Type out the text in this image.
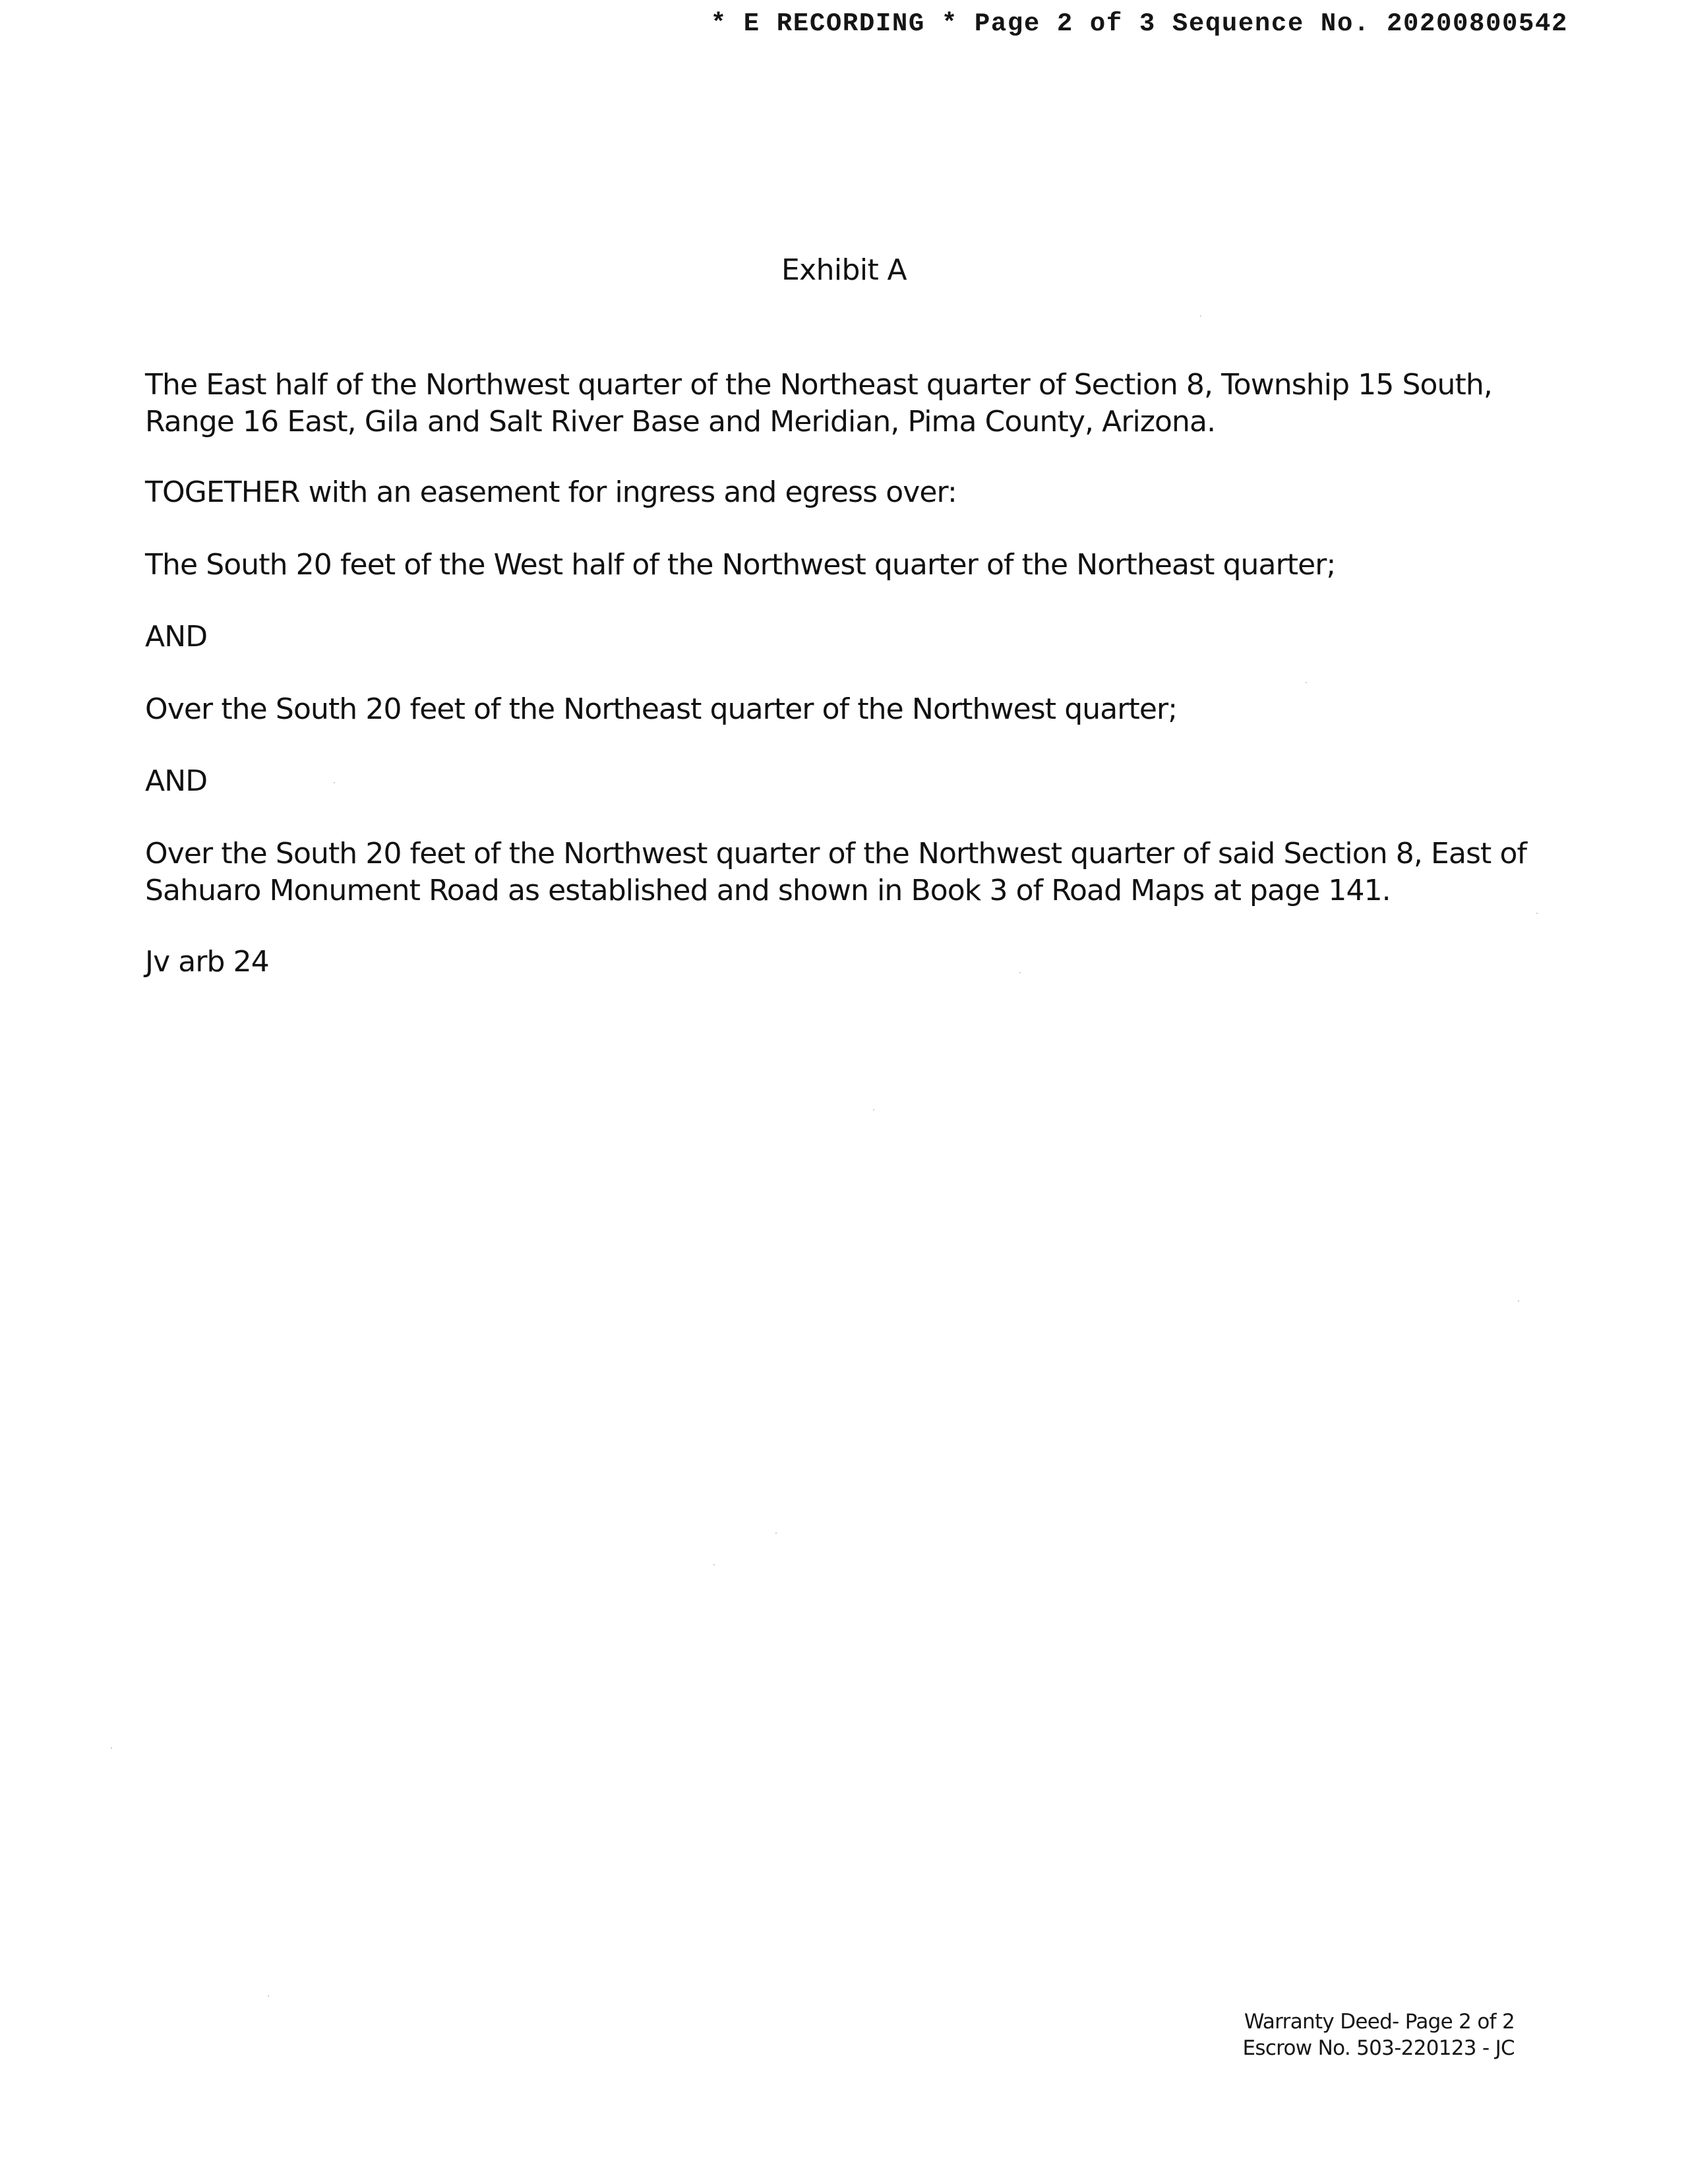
* E RECORDING * Page 2 of 3 Sequence No. 20200800542
Exhibit A
The East half of the Northwest quarter of the Northeast quarter of Section 8, Township 15 South,
Range 16 East, Gila and Salt River Base and Meridian, Pima County, Arizona.
TOGETHER with an easement for ingress and egress over:
The South 20 feet of the West half of the Northwest quarter of the Northeast quarter;
AND
Over the South 20 feet of the Northeast quarter of the Northwest quarter;
AND
Over the South 20 feet of the Northwest quarter of the Northwest quarter of said Section 8, East of
Sahuaro Monument Road as established and shown in Book 3 of Road Maps at page 141.
Jv arb 24
Warranty Deed- Page 2 of 2
Escrow No. 503-220123 - JC
